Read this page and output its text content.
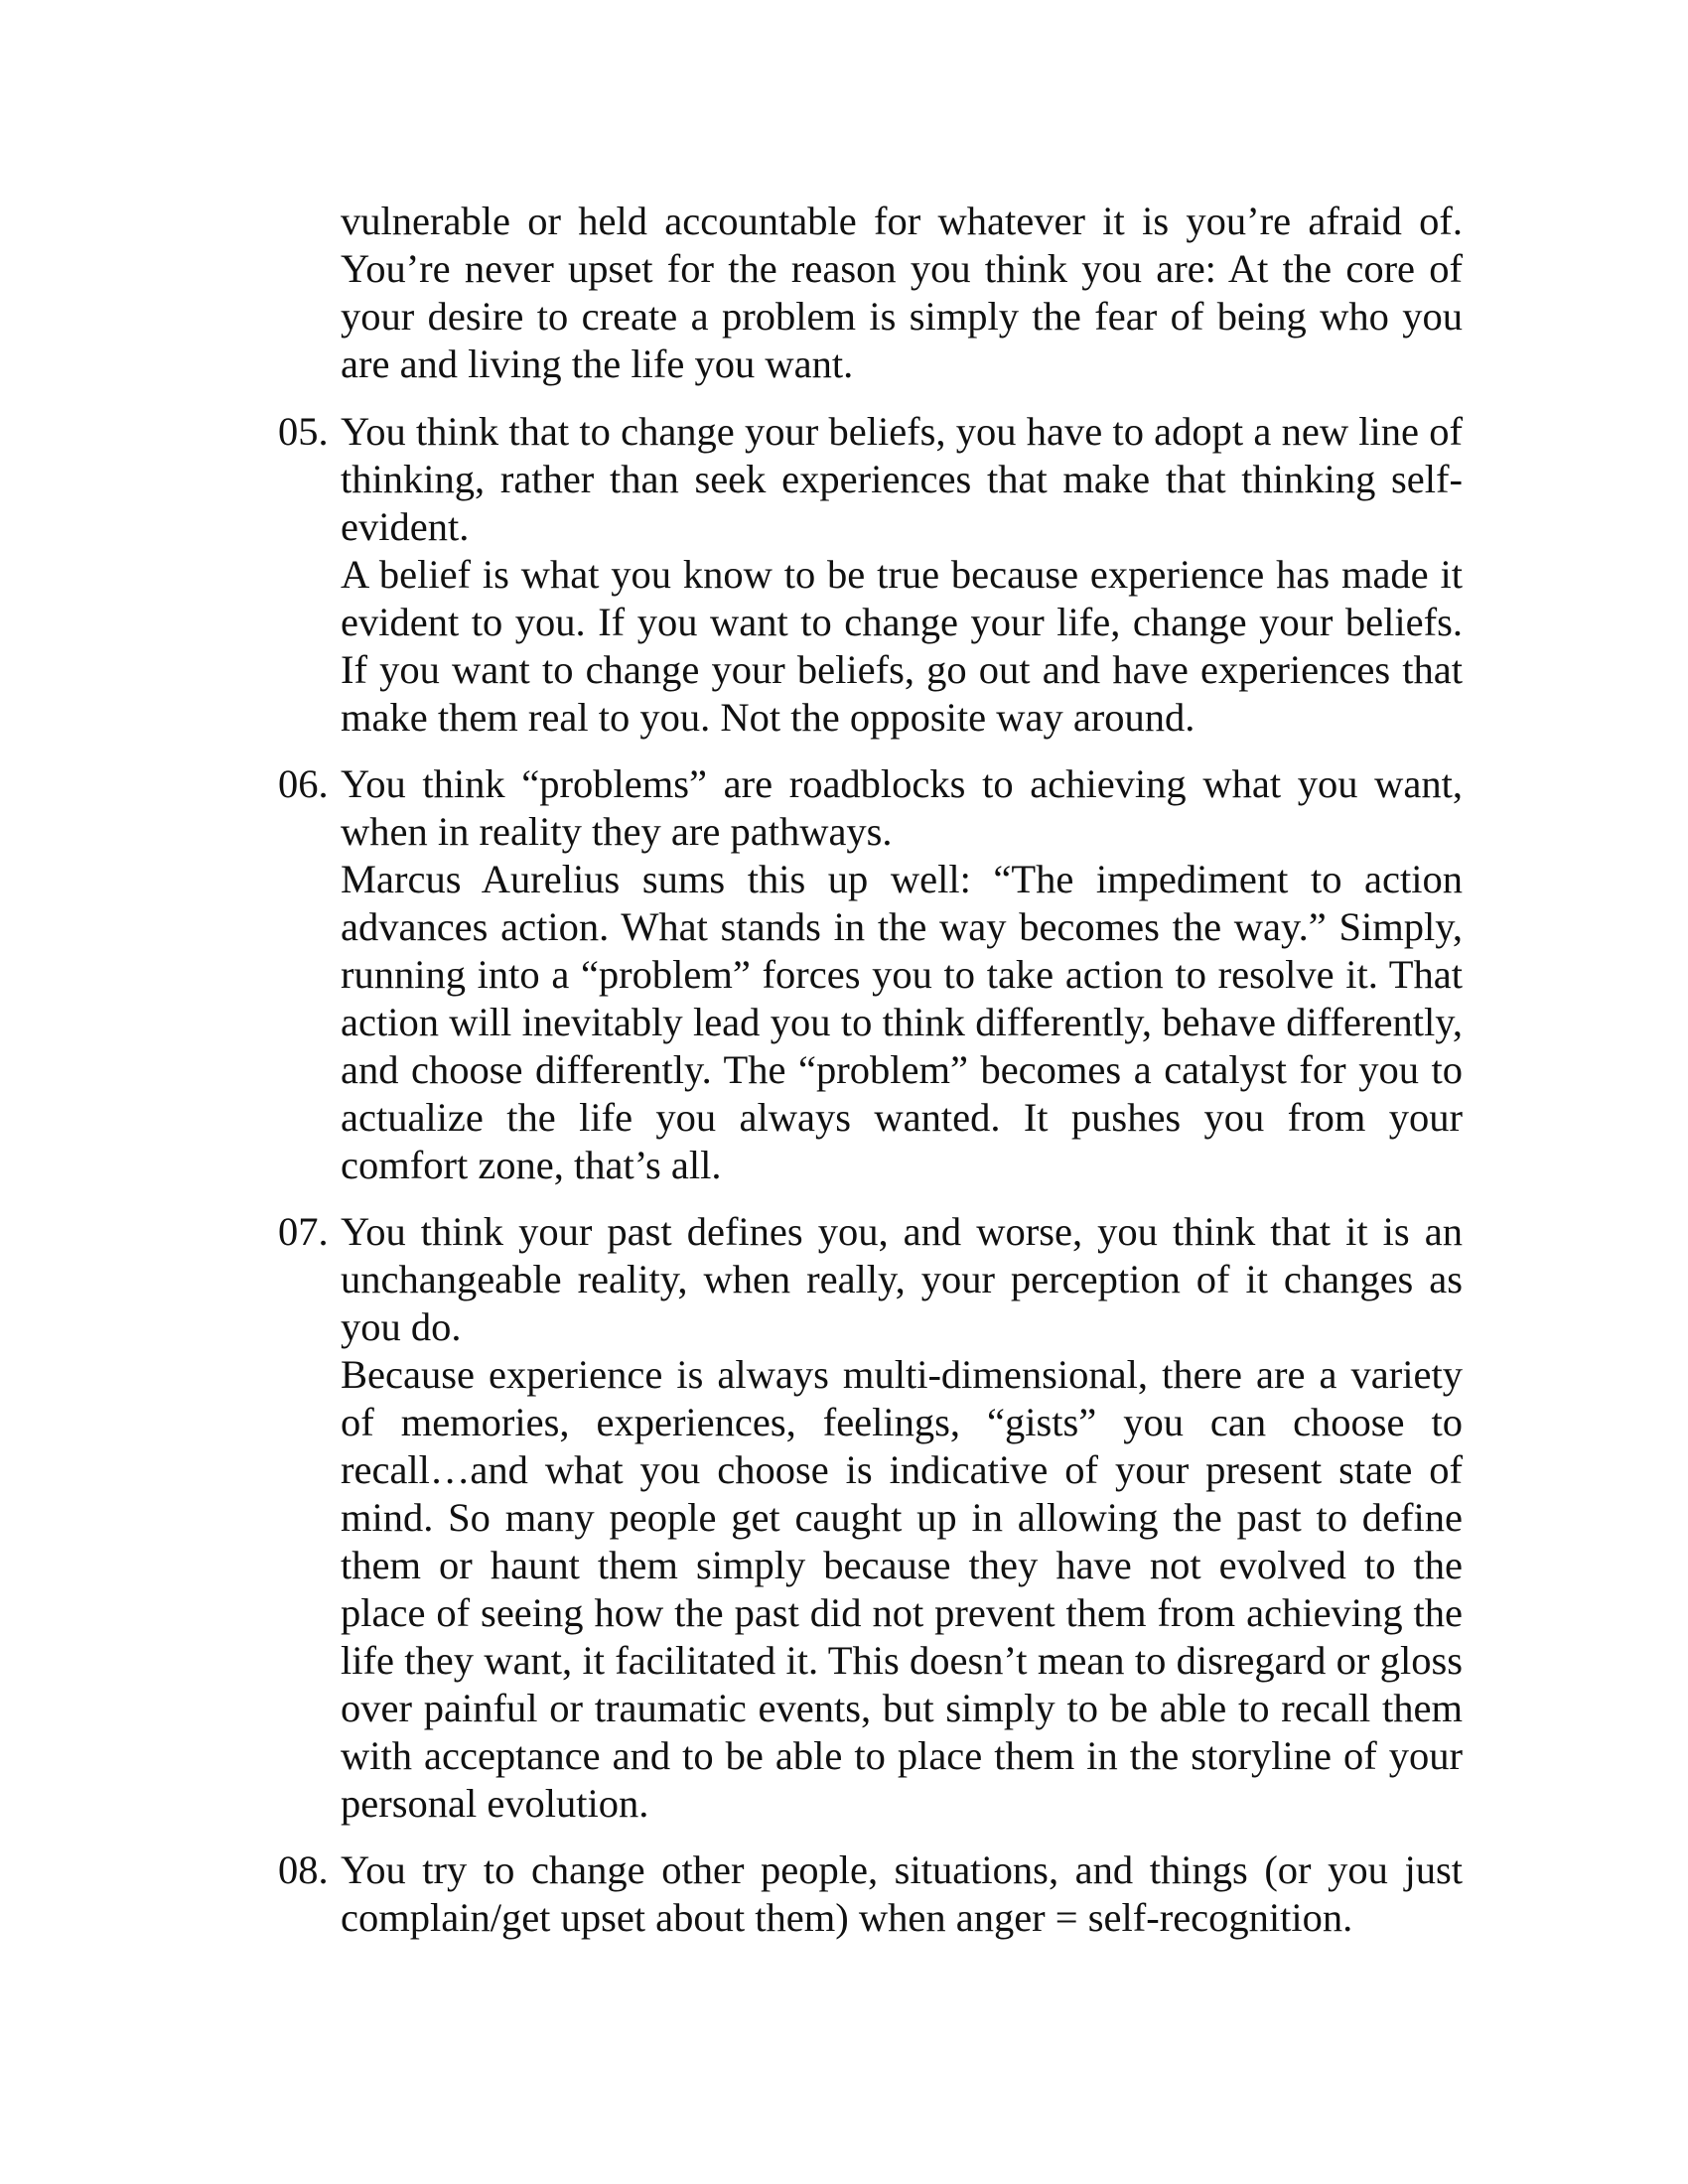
vulnerable or held accountable for whatever it is you’re afraid of. You’re never upset for the reason you think you are: At the core of your desire to create a problem is simply the fear of being who you are and living the life you want.
05. You think that to change your beliefs, you have to adopt a new line of thinking, rather than seek experiences that make that thinking self-evident.

A belief is what you know to be true because experience has made it evident to you. If you want to change your life, change your beliefs. If you want to change your beliefs, go out and have experiences that make them real to you. Not the opposite way around.

06. You think “problems” are roadblocks to achieving what you want, when in reality they are pathways.

Marcus Aurelius sums this up well: “The impediment to action advances action. What stands in the way becomes the way.” Simply, running into a “problem” forces you to take action to resolve it. That action will inevitably lead you to think differently, behave differently, and choose differently. The “problem” becomes a catalyst for you to actualize the life you always wanted. It pushes you from your comfort zone, that’s all.

07. You think your past defines you, and worse, you think that it is an unchangeable reality, when really, your perception of it changes as you do.

Because experience is always multi-dimensional, there are a variety of memories, experiences, feelings, “gists” you can choose to recall…and what you choose is indicative of your present state of mind. So many people get caught up in allowing the past to define them or haunt them simply because they have not evolved to the place of seeing how the past did not prevent them from achieving the life they want, it facilitated it. This doesn’t mean to disregard or gloss over painful or traumatic events, but simply to be able to recall them with acceptance and to be able to place them in the storyline of your personal evolution.

08. You try to change other people, situations, and things (or you just complain/get upset about them) when anger = self-recognition.
